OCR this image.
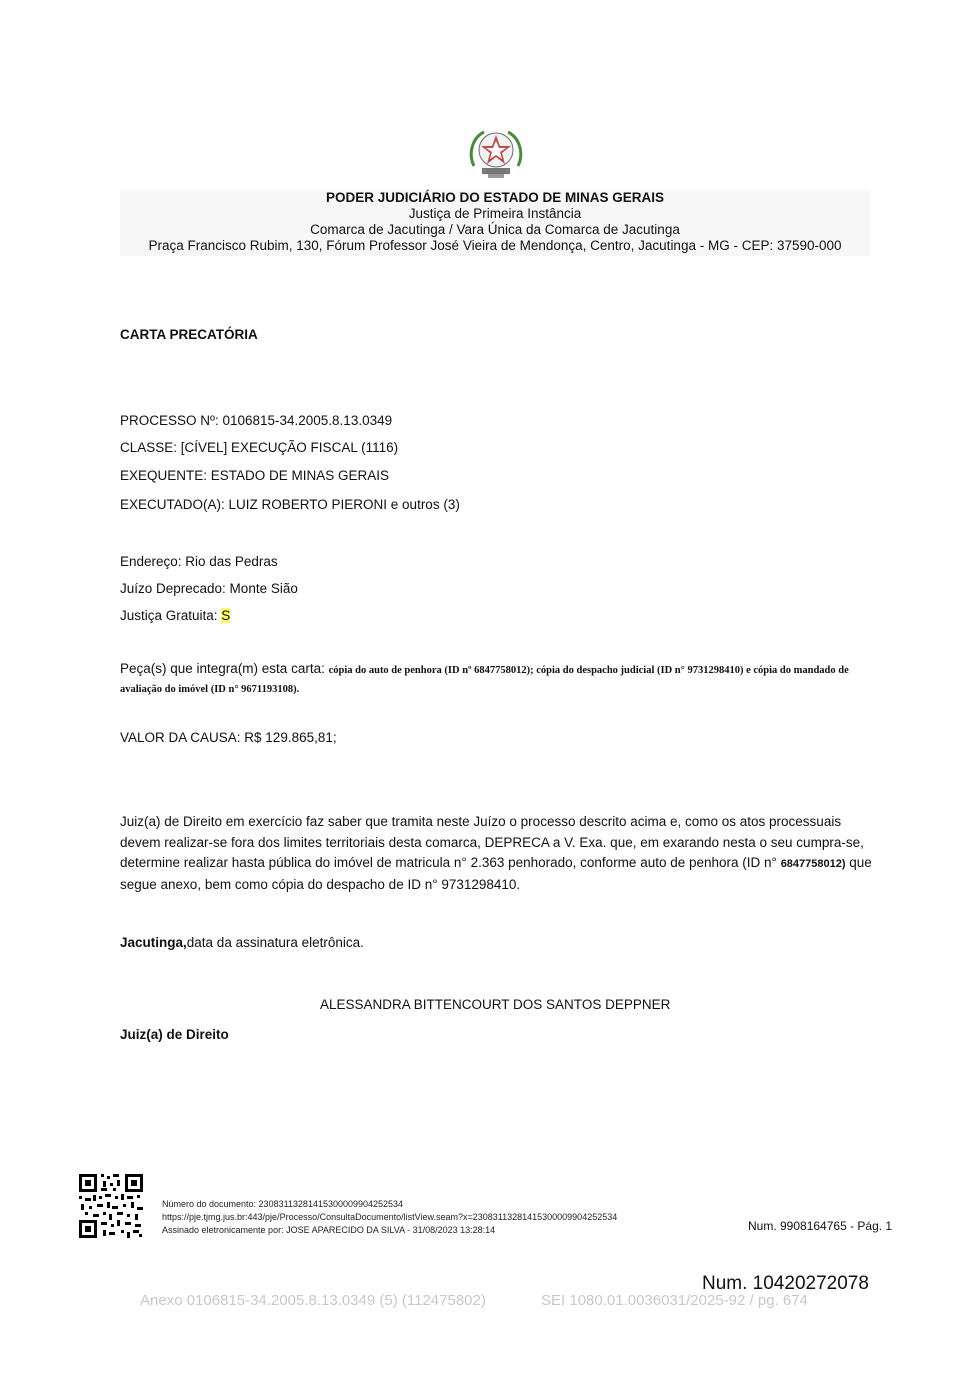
PODER JUDICIÁRIO DO ESTADO DE MINAS GERAIS
Justiça de Primeira Instância
Comarca de Jacutinga / Vara Única da Comarca de Jacutinga
Praça Francisco Rubim, 130, Fórum Professor José Vieira de Mendonça, Centro, Jacutinga - MG - CEP: 37590-000
CARTA PRECATÓRIA
PROCESSO Nº: 0106815-34.2005.8.13.0349
CLASSE: [CÍVEL] EXECUÇÃO FISCAL (1116)
EXEQUENTE: ESTADO DE MINAS GERAIS
EXECUTADO(A): LUIZ ROBERTO PIERONI e outros (3)
Endereço: Rio das Pedras
Juízo Deprecado: Monte Sião
Justiça Gratuita: S
Peça(s) que integra(m) esta carta: cópia do auto de penhora (ID nº 6847758012); cópia do despacho judicial (ID n° 9731298410) e cópia do mandado de avaliação do imóvel (ID n° 9671193108).
VALOR DA CAUSA: R$ 129.865,81;
Juiz(a) de Direito em exercício faz saber que tramita neste Juízo o processo descrito acima e, como os atos processuais devem realizar-se fora dos limites territoriais desta comarca, DEPRECA a V. Exa. que, em exarando nesta o seu cumpra-se, determine realizar hasta pública do imóvel de matricula n° 2.363 penhorado, conforme auto de penhora (ID n° 6847758012) que segue anexo, bem como cópia do despacho de ID n° 9731298410.
Jacutinga,data da assinatura eletrônica.
ALESSANDRA BITTENCOURT DOS SANTOS DEPPNER
Juiz(a) de Direito
Número do documento: 23083113281415300009904252534
https://pje.tjmg.jus.br:443/pje/Processo/ConsultaDocumento/listView.seam?x=23083113281415300009904252534
Assinado eletronicamente por: JOSE APARECIDO DA SILVA - 31/08/2023 13:28:14	Num. 9908164765 - Pág. 1
Num. 10420272078
Anexo 0106815-34.2005.8.13.0349 (5) (112475802)	SEI 1080.01.0036031/2025-92 / pg. 674
